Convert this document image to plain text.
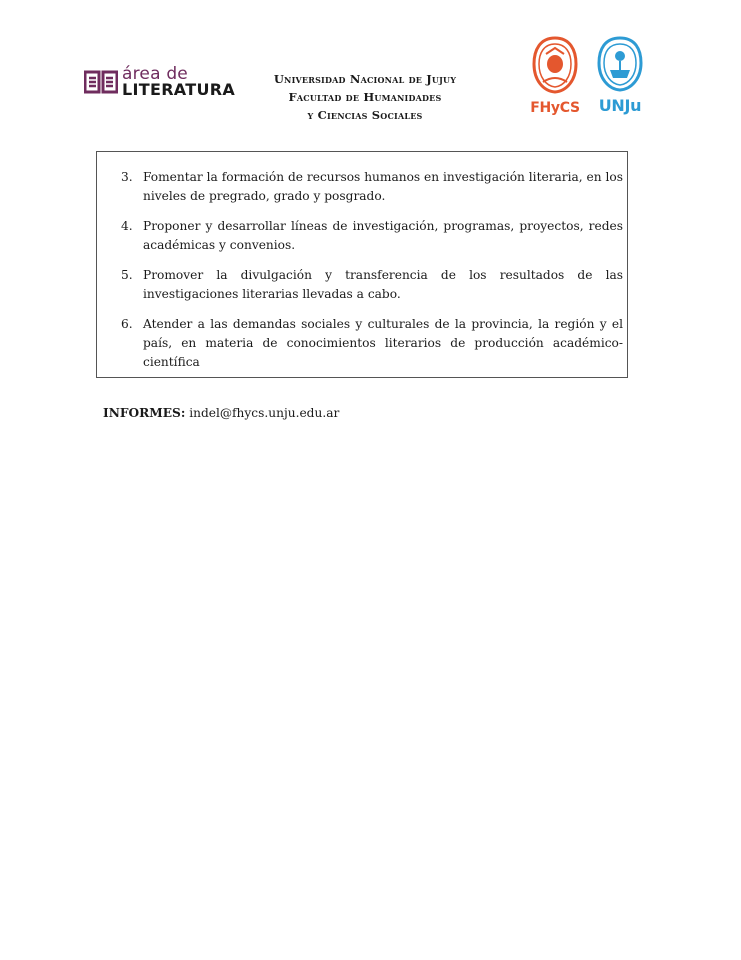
área de
LITERATURA
Universidad Nacional de Jujuy
Facultad de Humanidades
y Ciencias Sociales	FHyCS UNJu
3. Fomentar la formación de recursos humanos en investigación literaria, en los niveles de pregrado, grado y posgrado.
4. Proponer y desarrollar líneas de investigación, programas, proyectos, redes académicas y convenios.
5. Promover la divulgación y transferencia de los resultados de las investigaciones literarias llevadas a cabo.
6. Atender a las demandas sociales y culturales de la provincia, la región y el país, en materia de conocimientos literarios de producción académico-científica
INFORMES: indel@fhycs.unju.edu.ar
